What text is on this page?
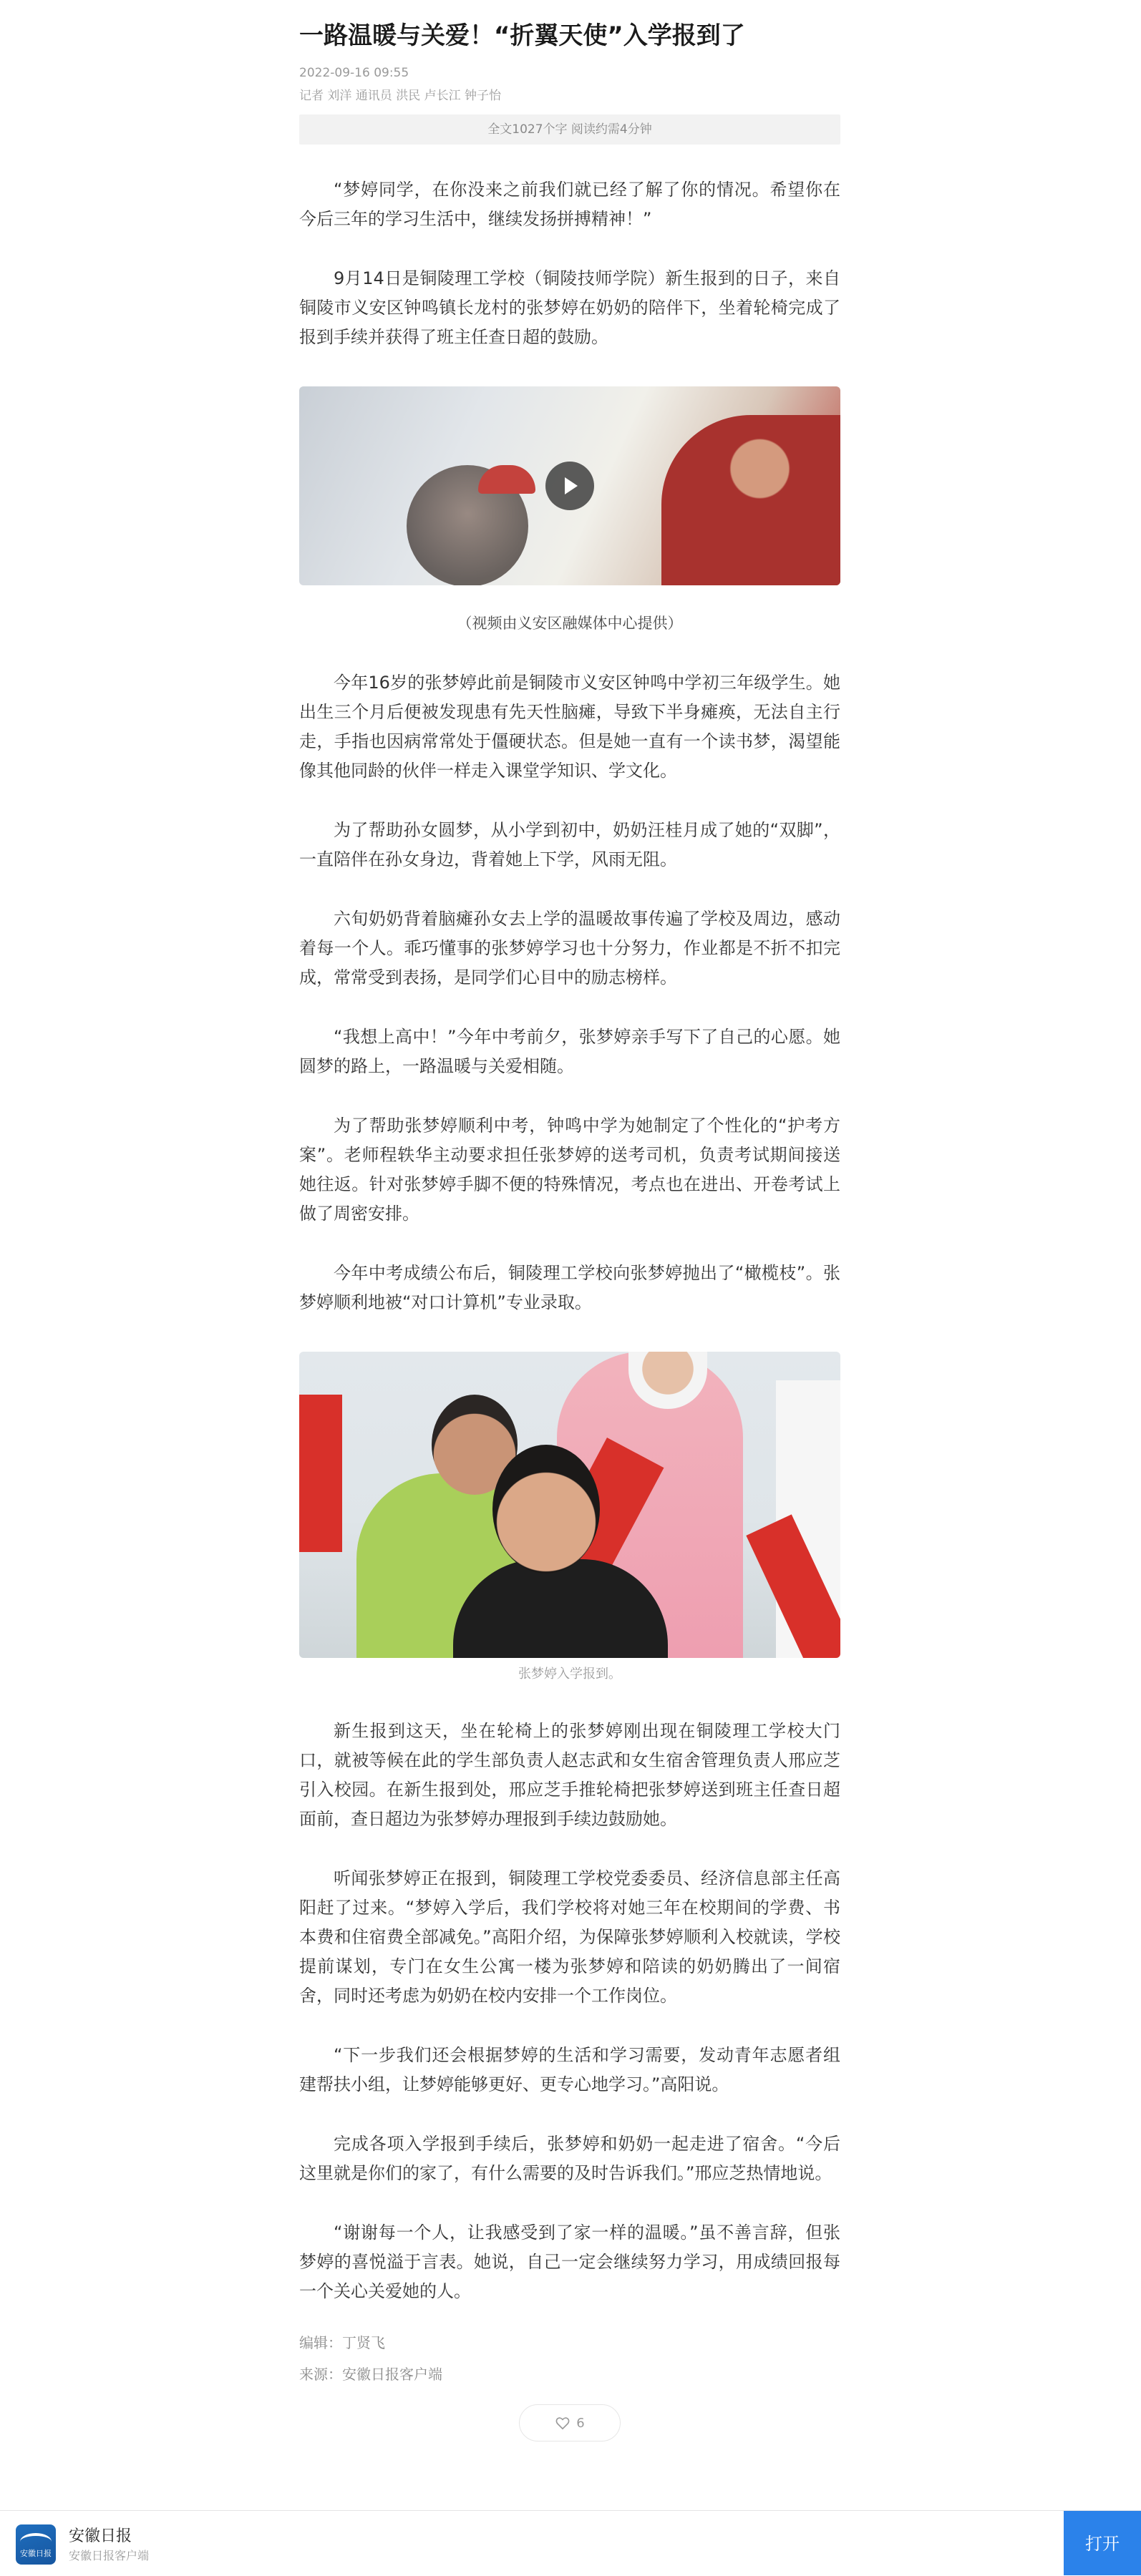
一路温暖与关爱！“折翼天使”入学报到了
2022-09-16 09:55
记者 刘洋 通讯员 洪民 卢长江 钟子怡
全文1027个字 阅读约需4分钟

“梦婷同学，在你没来之前我们就已经了解了你的情况。希望你在今后三年的学习生活中，继续发扬拼搏精神！”

9月14日是铜陵理工学校（铜陵技师学院）新生报到的日子，来自铜陵市义安区钟鸣镇长龙村的张梦婷在奶奶的陪伴下，坐着轮椅完成了报到手续并获得了班主任查日超的鼓励。

（视频由义安区融媒体中心提供）

今年16岁的张梦婷此前是铜陵市义安区钟鸣中学初三年级学生。她出生三个月后便被发现患有先天性脑瘫，导致下半身瘫痪，无法自主行走，手指也因病常常处于僵硬状态。但是她一直有一个读书梦，渴望能像其他同龄的伙伴一样走入课堂学知识、学文化。

为了帮助孙女圆梦，从小学到初中，奶奶汪桂月成了她的“双脚”，一直陪伴在孙女身边，背着她上下学，风雨无阻。

六旬奶奶背着脑瘫孙女去上学的温暖故事传遍了学校及周边，感动着每一个人。乖巧懂事的张梦婷学习也十分努力，作业都是不折不扣完成，常常受到表扬，是同学们心目中的励志榜样。

“我想上高中！”今年中考前夕，张梦婷亲手写下了自己的心愿。她圆梦的路上，一路温暖与关爱相随。

为了帮助张梦婷顺利中考，钟鸣中学为她制定了个性化的“护考方案”。老师程轶华主动要求担任张梦婷的送考司机，负责考试期间接送她往返。针对张梦婷手脚不便的特殊情况，考点也在进出、开卷考试上做了周密安排。

今年中考成绩公布后，铜陵理工学校向张梦婷抛出了“橄榄枝”。张梦婷顺利地被“对口计算机”专业录取。

张梦婷入学报到。

新生报到这天，坐在轮椅上的张梦婷刚出现在铜陵理工学校大门口，就被等候在此的学生部负责人赵志武和女生宿舍管理负责人邢应芝引入校园。在新生报到处，邢应芝手推轮椅把张梦婷送到班主任查日超面前，查日超边为张梦婷办理报到手续边鼓励她。

听闻张梦婷正在报到，铜陵理工学校党委委员、经济信息部主任高阳赶了过来。“梦婷入学后，我们学校将对她三年在校期间的学费、书本费和住宿费全部减免。”高阳介绍，为保障张梦婷顺利入校就读，学校提前谋划，专门在女生公寓一楼为张梦婷和陪读的奶奶腾出了一间宿舍，同时还考虑为奶奶在校内安排一个工作岗位。

“下一步我们还会根据梦婷的生活和学习需要，发动青年志愿者组建帮扶小组，让梦婷能够更好、更专心地学习。”高阳说。

完成各项入学报到手续后，张梦婷和奶奶一起走进了宿舍。“今后这里就是你们的家了，有什么需要的及时告诉我们。”邢应芝热情地说。

“谢谢每一个人，让我感受到了家一样的温暖。”虽不善言辞，但张梦婷的喜悦溢于言表。她说，自己一定会继续努力学习，用成绩回报每一个关心关爱她的人。

编辑：丁贤飞
来源：安徽日报客户端
6
安徽日报
安徽日报
安徽日报客户端
打开
